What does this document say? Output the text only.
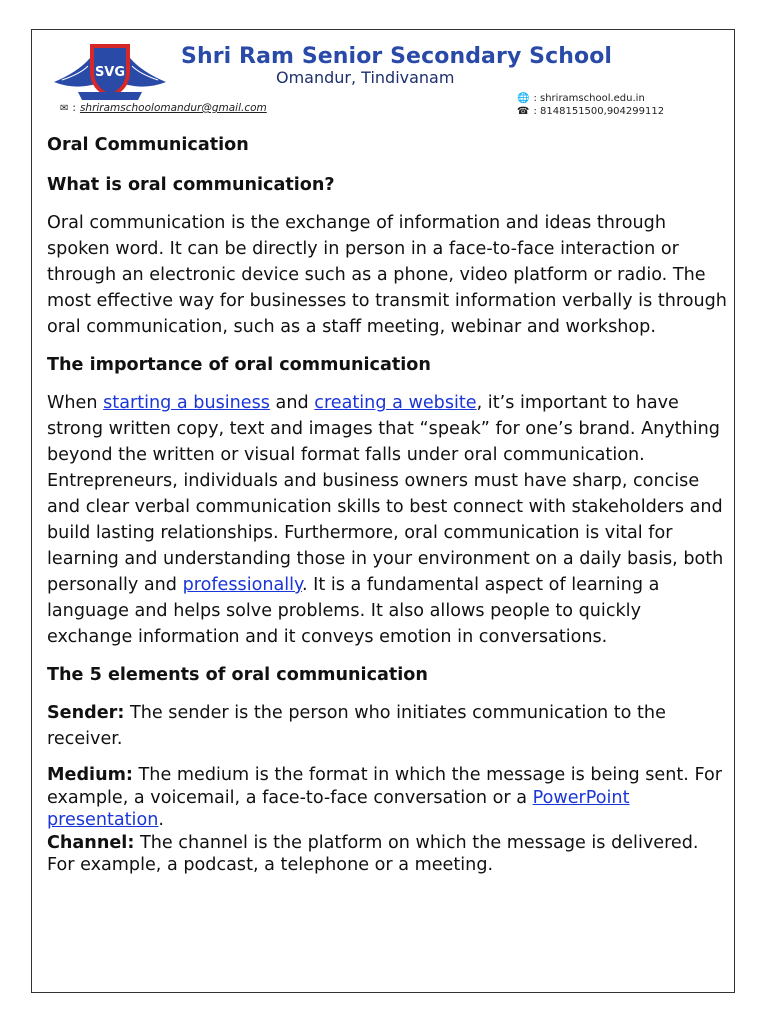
SVG
Shri Ram Senior Secondary School
Omandur, Tindivanam
✉ : shriramschoolomandur@gmail.com
🌐 : shriramschool.edu.in
☎ : 8148151500,904299112
Oral Communication
What is oral communication?

Oral communication is the exchange of information and ideas through spoken word. It can be directly in person in a face-to-face interaction or through an electronic device such as a phone, video platform or radio. The most effective way for businesses to transmit information verbally is through oral communication, such as a staff meeting, webinar and workshop.

The importance of oral communication

When starting a business and creating a website, it’s important to have strong written copy, text and images that “speak” for one’s brand. Anything beyond the written or visual format falls under oral communication. Entrepreneurs, individuals and business owners must have sharp, concise and clear verbal communication skills to best connect with stakeholders and build lasting relationships. Furthermore, oral communication is vital for learning and understanding those in your environment on a daily basis, both personally and professionally. It is a fundamental aspect of learning a language and helps solve problems. It also allows people to quickly exchange information and it conveys emotion in conversations.

The 5 elements of oral communication

Sender: The sender is the person who initiates communication to the receiver.

Medium: The medium is the format in which the message is being sent. For example, a voicemail, a face-to-face conversation or a PowerPoint presentation.

Channel: The channel is the platform on which the message is delivered. For example, a podcast, a telephone or a meeting.
